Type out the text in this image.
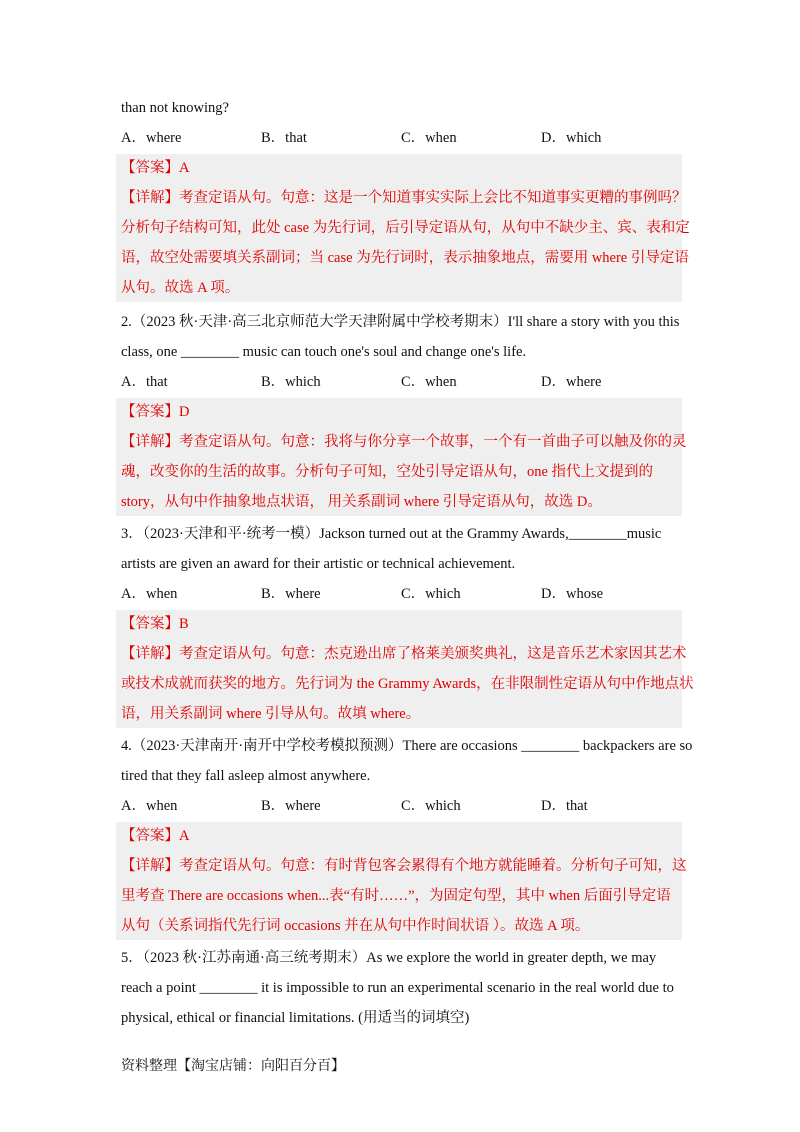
than not knowing?
A．where	B．that	C．when	D．which
【答案】A
【详解】考查定语从句。句意：这是一个知道事实实际上会比不知道事实更糟的事例吗？
分析句子结构可知，此处 case 为先行词，后引导定语从句，从句中不缺少主、宾、表和定
语，故空处需要填关系副词；当 case 为先行词时，表示抽象地点，需要用 where 引导定语
从句。故选 A 项。
2.（2023 秋·天津·高三北京师范大学天津附属中学校考期末）I'll share a story with you this
class, one ________ music can touch one's soul and change one's life.
A．that	B．which	C．when	D．where
【答案】D
【详解】考查定语从句。句意：我将与你分享一个故事，一个有一首曲子可以触及你的灵
魂，改变你的生活的故事。分析句子可知，空处引导定语从句，one 指代上文提到的
story，从句中作抽象地点状语， 用关系副词 where 引导定语从句，故选 D。
3．（2023·天津和平·统考一模）Jackson turned out at the Grammy Awards,________music
artists are given an award for their artistic or technical achievement.
A．when	B．where	C．which	D．whose
【答案】B
【详解】考查定语从句。句意：杰克逊出席了格莱美颁奖典礼，这是音乐艺术家因其艺术
或技术成就而获奖的地方。先行词为 the Grammy Awards，在非限制性定语从句中作地点状
语，用关系副词 where 引导从句。故填 where。
4.（2023·天津南开·南开中学校考模拟预测）There are occasions ________ backpackers are so
tired that they fall asleep almost anywhere.
A．when	B．where	C．which	D．that
【答案】A
【详解】考查定语从句。句意：有时背包客会累得有个地方就能睡着。分析句子可知，这
里考查 There are occasions when...表“有时……”，为固定句型，其中 when 后面引导定语
从句（关系词指代先行词 occasions 并在从句中作时间状语 ）。故选 A 项。
5．（2023 秋·江苏南通·高三统考期末）As we explore the world in greater depth, we may
reach a point ________ it is impossible to run an experimental scenario in the real world due to
physical, ethical or financial limitations. (用适当的词填空)
资料整理【淘宝店铺：向阳百分百】
